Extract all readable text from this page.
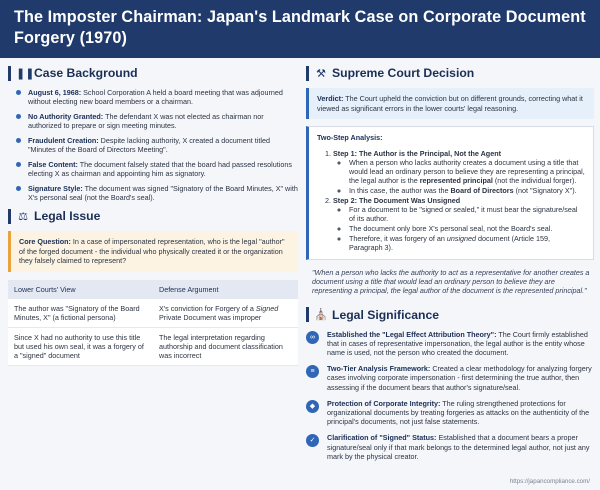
The Imposter Chairman: Japan's Landmark Case on Corporate Document Forgery (1970)
❚❚ Case Background
August 6, 1968: School Corporation A held a board meeting that was adjourned without electing new board members or a chairman.
No Authority Granted: The defendant X was not elected as chairman nor authorized to prepare or sign meeting minutes.
Fraudulent Creation: Despite lacking authority, X created a document titled "Minutes of the Board of Directors Meeting".
False Content: The document falsely stated that the board had passed resolutions electing X as chairman and appointing him as signatory.
Signature Style: The document was signed "Signatory of the Board Minutes, X" with X's personal seal (not the Board's seal).
⚖ Legal Issue
Core Question: In a case of impersonated representation, who is the legal "author" of the forged document - the individual who physically created it or the organization they falsely claimed to represent?
Lower Courts' View	Defense Argument
The author was "Signatory of the Board Minutes, X" (a fictional persona)	X's conviction for Forgery of a Signed Private Document was improper
Since X had no authority to use this title but used his own seal, it was a forgery of a "signed" document	The legal interpretation regarding authorship and document classification was incorrect
⚒ Supreme Court Decision
Verdict: The Court upheld the conviction but on different grounds, correcting what it viewed as significant errors in the lower courts' legal reasoning.
Two-Step Analysis:
1. Step 1: The Author is the Principal, Not the Agent
◦ When a person who lacks authority creates a document using a title that would lead an ordinary person to believe they are representing a principal, the legal author is the represented principal (not the individual forger).
◦ In this case, the author was the Board of Directors (not "Signatory X").
2. Step 2: The Document Was Unsigned
◦ For a document to be "signed or sealed," it must bear the signature/seal of its author.
◦ The document only bore X's personal seal, not the Board's seal.
◦ Therefore, it was forgery of an unsigned document (Article 159, Paragraph 3).
"When a person who lacks the authority to act as a representative for another creates a document using a title that would lead an ordinary person to believe they are representing a principal, the legal author of the document is the represented principal."
⛪ Legal Significance
∞	Established the "Legal Effect Attribution Theory": The Court firmly established that in cases of representative impersonation, the legal author is the entity whose name is used, not the person who created the document.
≡	Two-Tier Analysis Framework: Created a clear methodology for analyzing forgery cases involving corporate impersonation - first determining the true author, then assessing if the document bears that author's signature/seal.
◆	Protection of Corporate Integrity: The ruling strengthened protections for organizational documents by treating forgeries as attacks on the authenticity of the principal's documents, not just false statements.
✓	Clarification of "Signed" Status: Established that a document bears a proper signature/seal only if that mark belongs to the determined legal author, not just any mark by the physical creator.
https://japancompliance.com/
